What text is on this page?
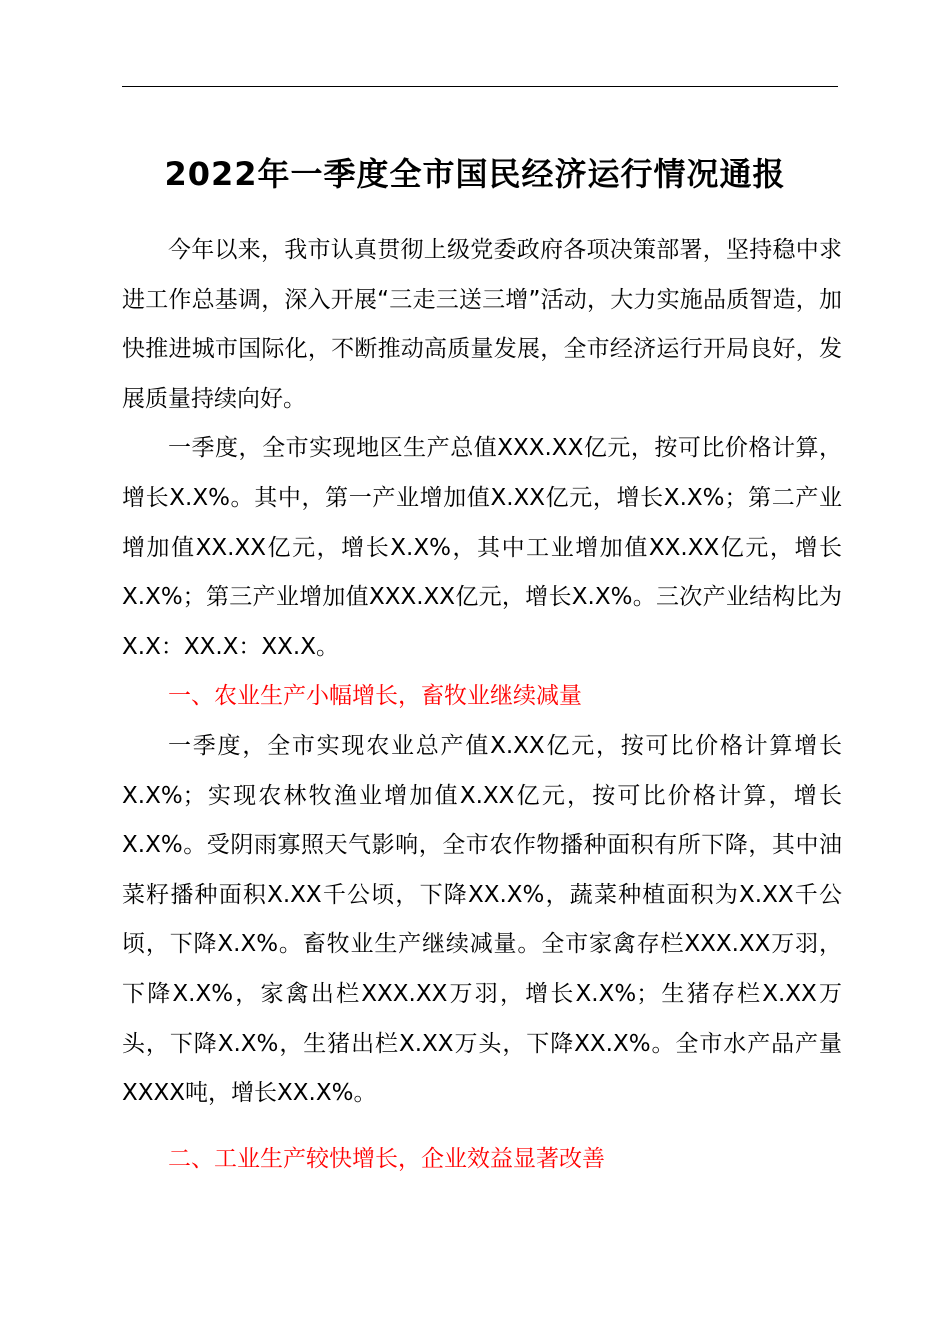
2022年一季度全市国民经济运行情况通报

今年以来，我市认真贯彻上级党委政府各项决策部署，坚持稳中求进工作总基调，深入开展“三走三送三增”活动，大力实施品质智造，加快推进城市国际化，不断推动高质量发展，全市经济运行开局良好，发展质量持续向好。

一季度，全市实现地区生产总值XXX.XX亿元，按可比价格计算，增长X.X%。其中，第一产业增加值X.XX亿元，增长X.X%；第二产业增加值XX.XX亿元，增长X.X%，其中工业增加值XX.XX亿元，增长X.X%；第三产业增加值XXX.XX亿元，增长X.X%。三次产业结构比为X.X：XX.X：XX.X。

一、农业生产小幅增长，畜牧业继续减量

一季度，全市实现农业总产值X.XX亿元，按可比价格计算增长X.X%；实现农林牧渔业增加值X.XX亿元，按可比价格计算，增长X.X%。受阴雨寡照天气影响，全市农作物播种面积有所下降，其中油菜籽播种面积X.XX千公顷，下降XX.X%，蔬菜种植面积为X.XX千公顷，下降X.X%。畜牧业生产继续减量。全市家禽存栏XXX.XX万羽，下降X.X%，家禽出栏XXX.XX万羽，增长X.X%；生猪存栏X.XX万头，下降X.X%，生猪出栏X.XX万头，下降XX.X%。全市水产品产量XXXX吨，增长XX.X%。

二、工业生产较快增长，企业效益显著改善
